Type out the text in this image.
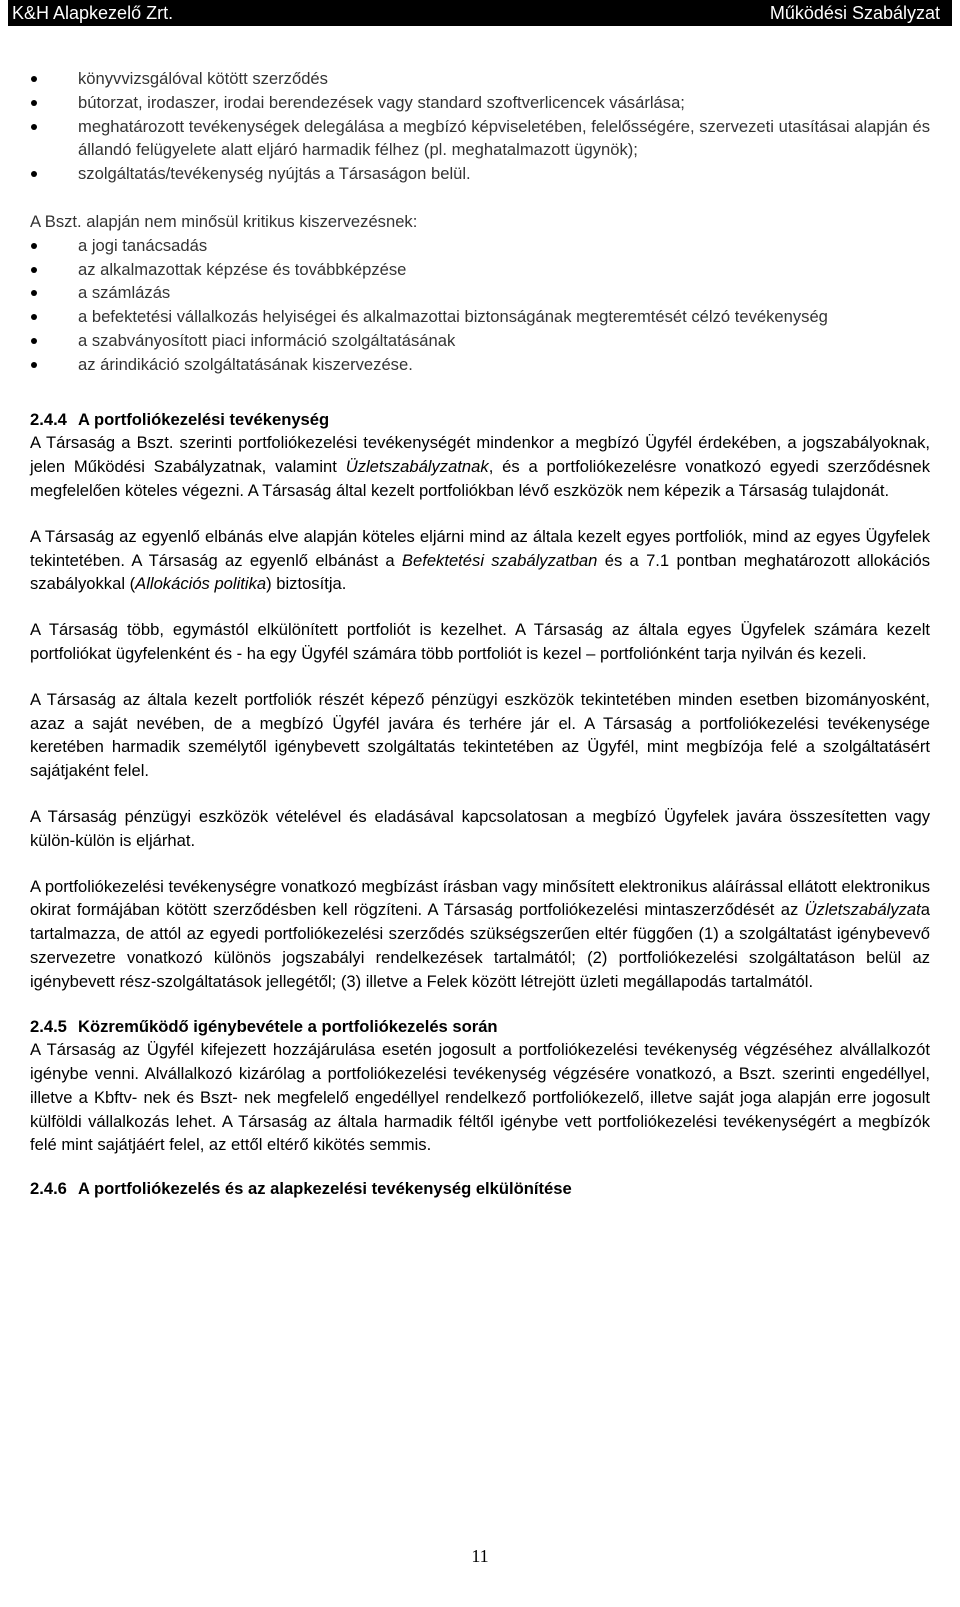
K&H Alapkezelő Zrt.	Működési Szabályzat
könyvvizsgálóval kötött szerződés
bútorzat, irodaszer, irodai berendezések vagy standard szoftverlicencek vásárlása;
meghatározott tevékenységek delegálása a megbízó képviseletében, felelősségére, szervezeti utasításai alapján és állandó felügyelete alatt eljáró harmadik félhez (pl. meghatalmazott ügynök);
szolgáltatás/tevékenység nyújtás a Társaságon belül.

A Bszt. alapján nem minősül kritikus kiszervezésnek:

a jogi tanácsadás
az alkalmazottak képzése és továbbképzése
a számlázás
a befektetési vállalkozás helyiségei és alkalmazottai biztonságának megteremtését célzó tevékenység
a szabványosított piaci információ szolgáltatásának
az árindikáció szolgáltatásának kiszervezése.
2.4.4 A portfoliókezelési tevékenység

A Társaság a Bszt. szerinti portfoliókezelési tevékenységét mindenkor a megbízó Ügyfél érdekében, a jogszabályoknak, jelen Működési Szabályzatnak, valamint Üzletszabályzatnak, és a portfoliókezelésre vonatkozó egyedi szerződésnek megfelelően köteles végezni. A Társaság által kezelt portfoliókban lévő eszközök nem képezik a Társaság tulajdonát.

A Társaság az egyenlő elbánás elve alapján köteles eljárni mind az általa kezelt egyes portfoliók, mind az egyes Ügyfelek tekintetében. A Társaság az egyenlő elbánást a Befektetési szabályzatban és a 7.1 pontban meghatározott allokációs szabályokkal (Allokációs politika) biztosítja.

A Társaság több, egymástól elkülönített portfoliót is kezelhet. A Társaság az általa egyes Ügyfelek számára kezelt portfoliókat ügyfelenként és - ha egy Ügyfél számára több portfoliót is kezel – portfoliónként tarja nyilván és kezeli.

A Társaság az általa kezelt portfoliók részét képező pénzügyi eszközök tekintetében minden esetben bizományosként, azaz a saját nevében, de a megbízó Ügyfél javára és terhére jár el. A Társaság a portfoliókezelési tevékenysége keretében harmadik személytől igénybevett szolgáltatás tekintetében az Ügyfél, mint megbízója felé a szolgáltatásért sajátjaként felel.

A Társaság pénzügyi eszközök vételével és eladásával kapcsolatosan a megbízó Ügyfelek javára összesítetten vagy külön-külön is eljárhat.

A portfoliókezelési tevékenységre vonatkozó megbízást írásban vagy minősített elektronikus aláírással ellátott elektronikus okirat formájában kötött szerződésben kell rögzíteni. A Társaság portfoliókezelési mintaszerződését az Üzletszabályzata tartalmazza, de attól az egyedi portfoliókezelési szerződés szükségszerűen eltér függően (1) a szolgáltatást igénybevevő szervezetre vonatkozó különös jogszabályi rendelkezések tartalmától; (2) portfoliókezelési szolgáltatáson belül az igénybevett rész-szolgáltatások jellegétől; (3) illetve a Felek között létrejött üzleti megállapodás tartalmától.

2.4.5 Közreműködő igénybevétele a portfoliókezelés során

A Társaság az Ügyfél kifejezett hozzájárulása esetén jogosult a portfoliókezelési tevékenység végzéséhez alvállalkozót igénybe venni. Alvállalkozó kizárólag a portfoliókezelési tevékenység végzésére vonatkozó, a Bszt. szerinti engedéllyel, illetve a Kbftv- nek és Bszt- nek megfelelő engedéllyel rendelkező portfoliókezelő, illetve saját joga alapján erre jogosult külföldi vállalkozás lehet. A Társaság az általa harmadik féltől igénybe vett portfoliókezelési tevékenységért a megbízók felé mint sajátjáért felel, az ettől eltérő kikötés semmis.

2.4.6 A portfoliókezelés és az alapkezelési tevékenység elkülönítése
11
